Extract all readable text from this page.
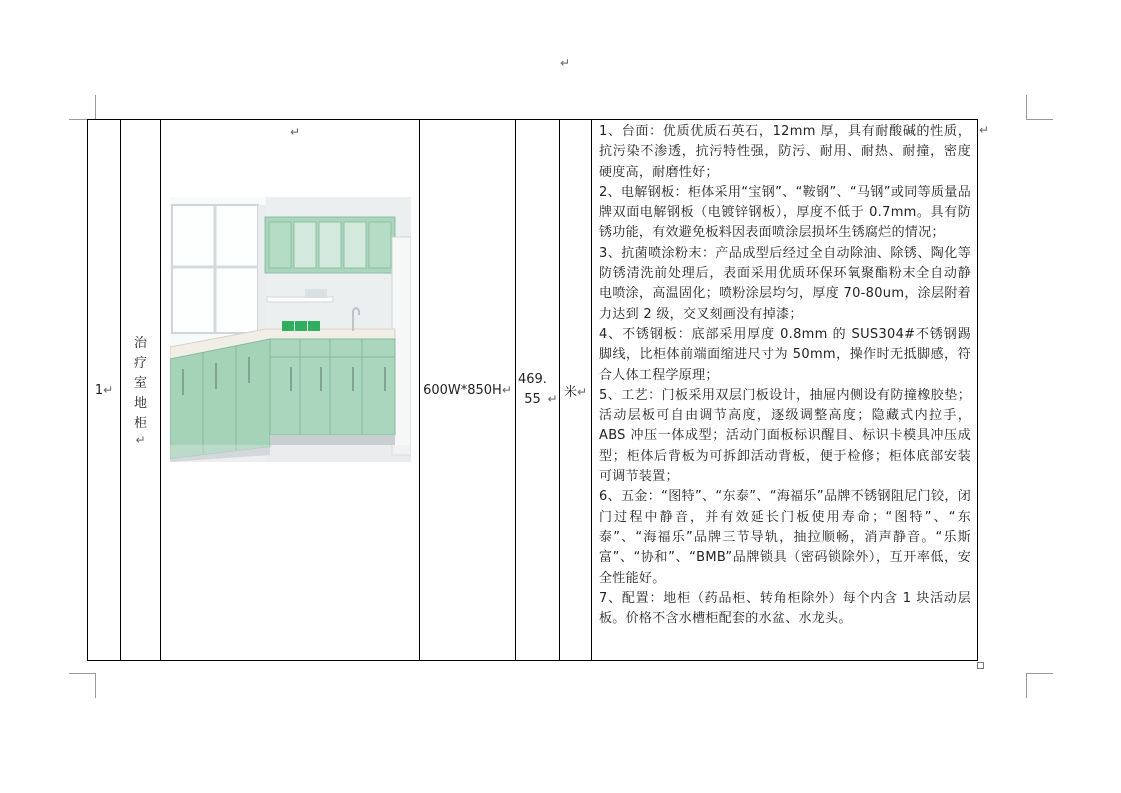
↵
1↵	治疗室地柜
↵

↵
	600W*850H↵	469.55 ↵	米↵	
1、台面：优质优质石英石，12mm 厚，具有耐酸碱的性质，抗污染不渗透，抗污特性强，防污、耐用、耐热、耐撞，密度硬度高，耐磨性好；
2、电解钢板：柜体采用“宝钢”、“鞍钢”、“马钢”或同等质量品牌双面电解钢板（电镀锌钢板），厚度不低于 0.7mm。具有防锈功能，有效避免板料因表面喷涂层损坏生锈腐烂的情况；
3、抗菌喷涂粉末：产品成型后经过全自动除油、除锈、陶化等防锈清洗前处理后，表面采用优质环保环氧聚酯粉末全自动静电喷涂，高温固化；喷粉涂层均匀，厚度 70-80um，涂层附着力达到 2 级，交叉刻画没有掉漆；
4、不锈钢板：底部采用厚度 0.8mm 的 SUS304#不锈钢踢脚线，比柜体前端面缩进尺寸为 50mm，操作时无抵脚感，符合人体工程学原理；
5、工艺：门板采用双层门板设计，抽屉内侧设有防撞橡胶垫；活动层板可自由调节高度，逐级调整高度；隐藏式内拉手，ABS 冲压一体成型；活动门面板标识醒目、标识卡模具冲压成型；柜体后背板为可拆卸活动背板，便于检修；柜体底部安装可调节装置；
6、五金：“图特”、“东泰”、“海福乐”品牌不锈钢阻尼门铰，闭门过程中静音，并有效延长门板使用寿命；“图特”、“东泰”、“海福乐”品牌三节导轨，抽拉顺畅，消声静音。“乐斯富”、“协和”、“BMB”品牌锁具（密码锁除外），互开率低，安全性能好。
7、配置：地柜（药品柜、转角柜除外）每个内含 1 块活动层板。价格不含水槽柜配套的水盆、水龙头。
↵
